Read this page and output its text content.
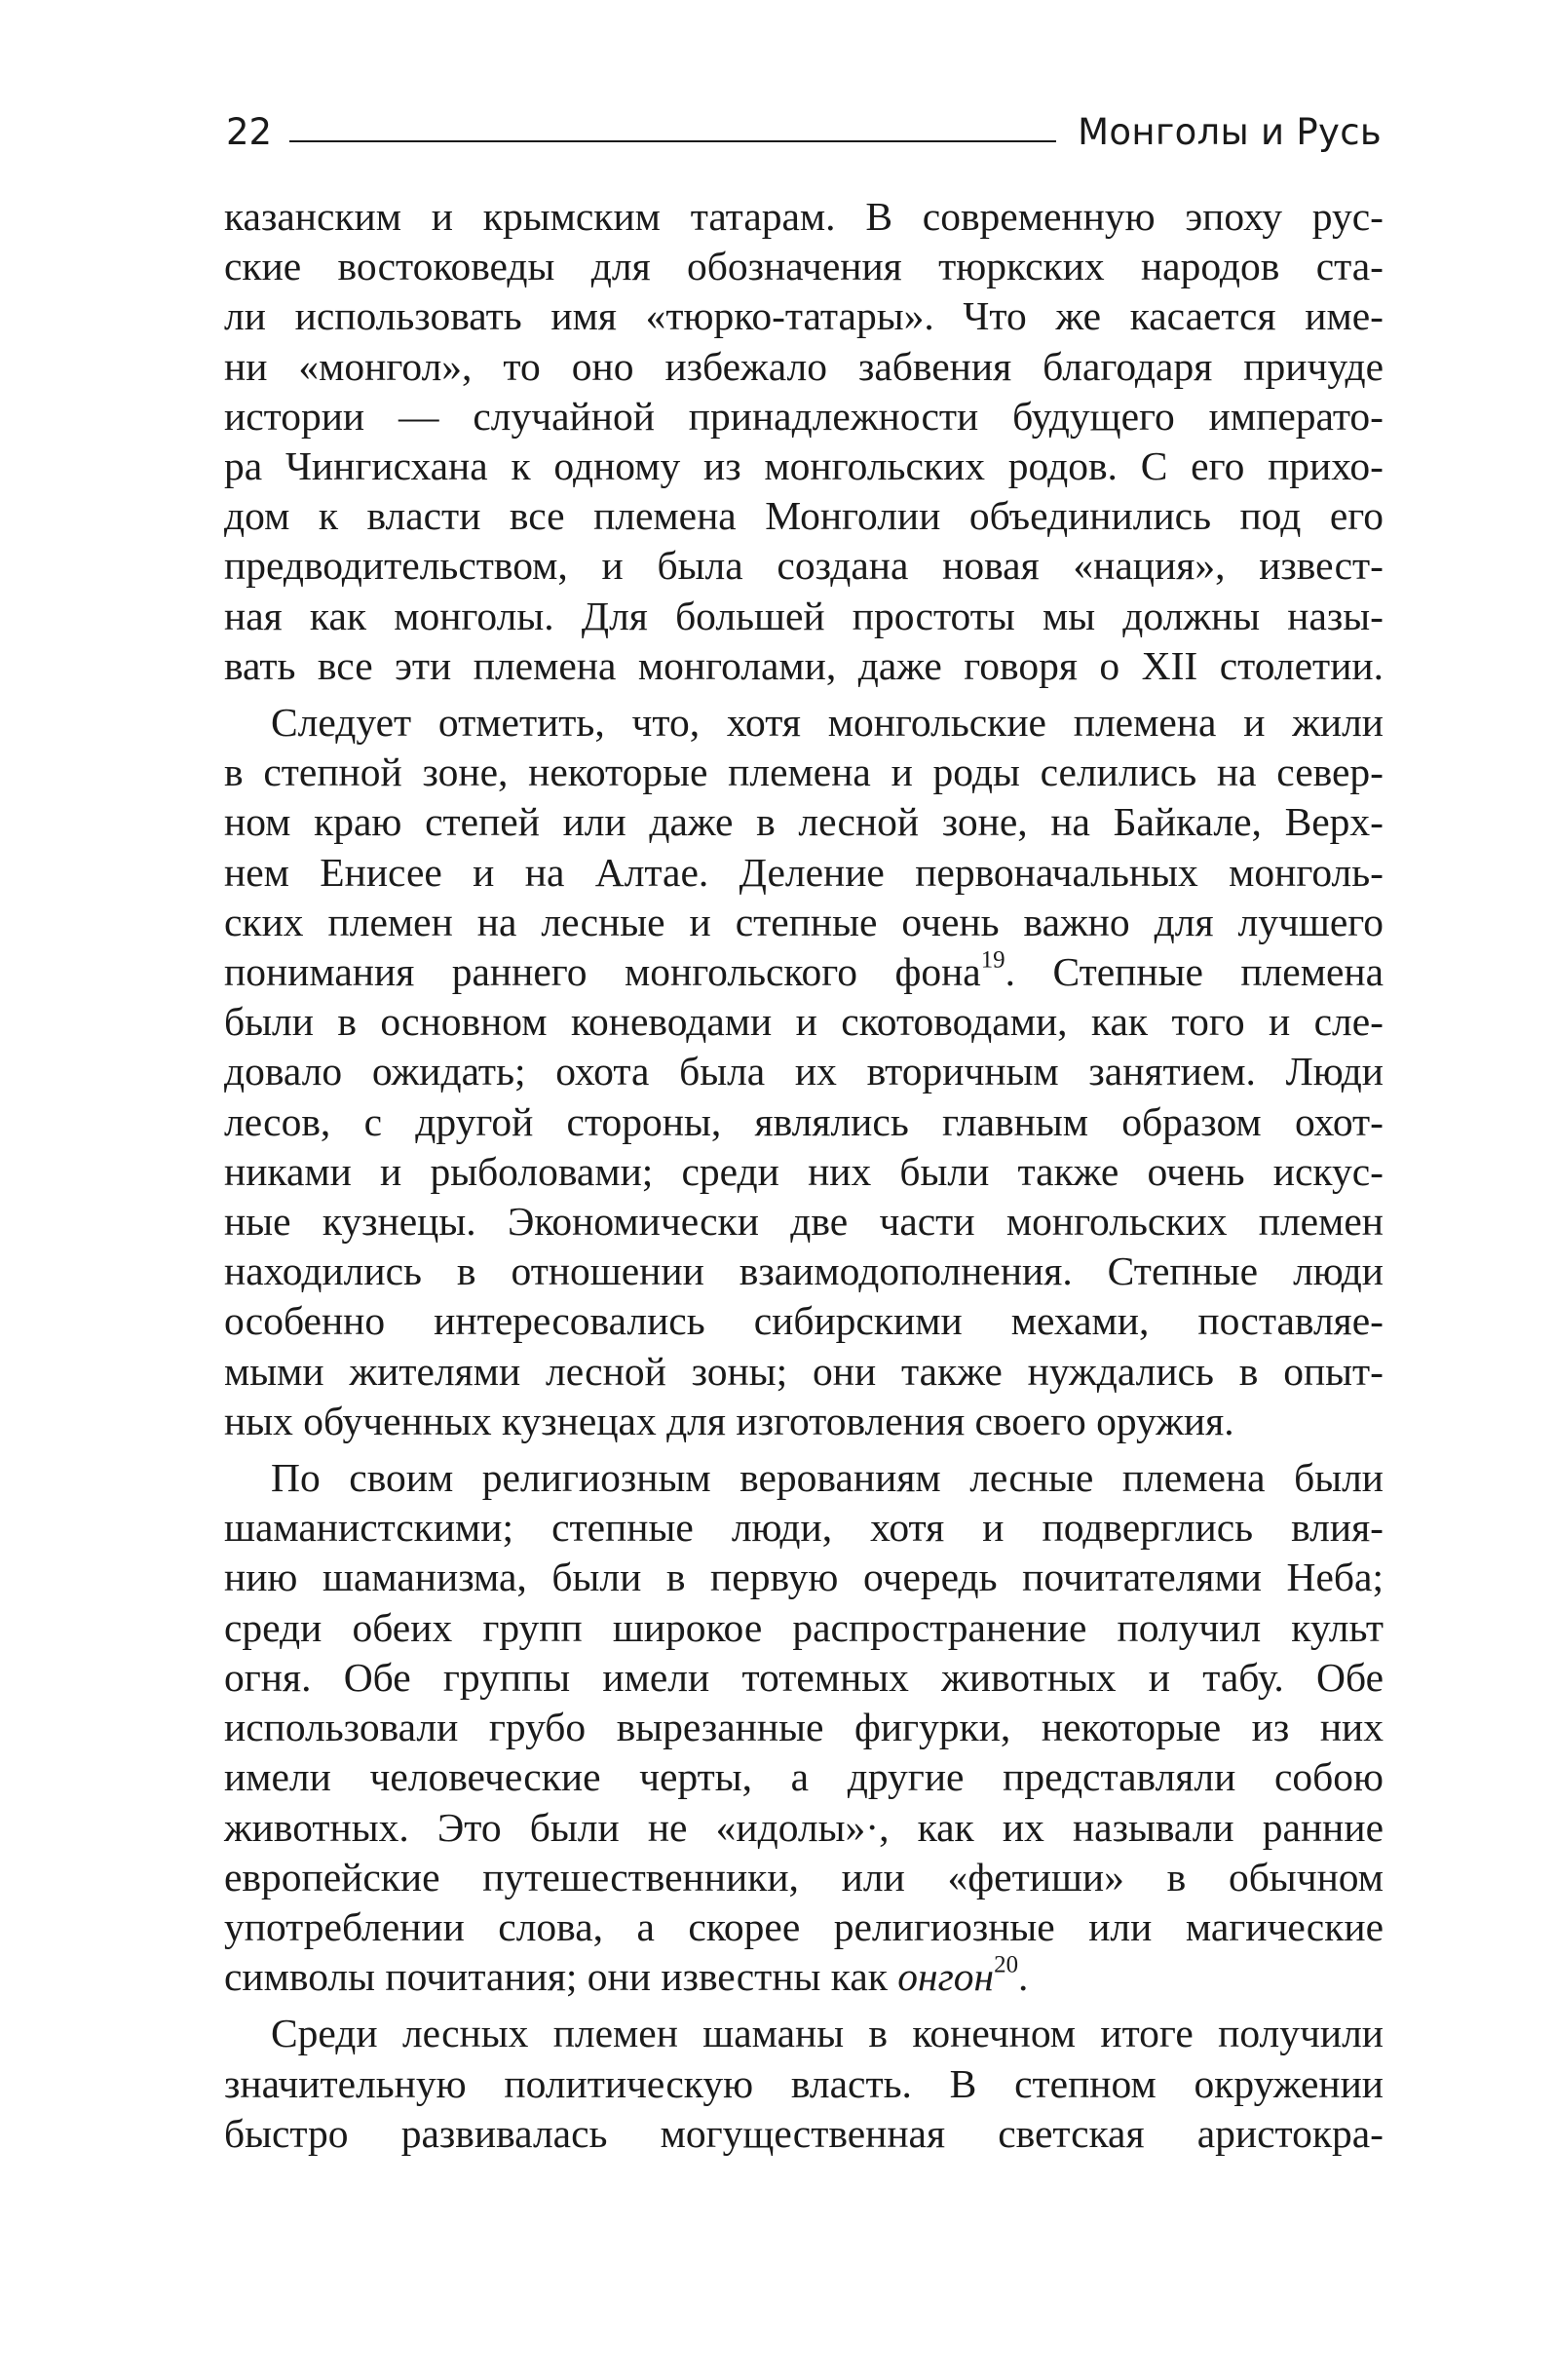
22	Монголы и Русь
казанским и крымским татарам. В современную эпоху рус-
ские востоковеды для обозначения тюркских народов ста-
ли использовать имя «тюрко-татары». Что же касается име-
ни «монгол», то оно избежало забвения благодаря причуде
истории — случайной принадлежности будущего императо-
ра Чингисхана к одному из монгольских родов. С его прихо-
дом к власти все племена Монголии объединились под его
предводительством, и была создана новая «нация», извест-
ная как монголы. Для большей простоты мы должны назы-
вать все эти племена монголами, даже говоря о XII столетии.
Следует отметить, что, хотя монгольские племена и жили
в степной зоне, некоторые племена и роды селились на север-
ном краю степей или даже в лесной зоне, на Байкале, Верх-
нем Енисее и на Алтае. Деление первоначальных монголь-
ских племен на лесные и степные очень важно для лучшего
понимания раннего монгольского фона$^{19}$. Степные племена
были в основном коневодами и скотоводами, как того и сле-
довало ожидать; охота была их вторичным занятием. Люди
лесов, с другой стороны, являлись главным образом охот-
никами и рыболовами; среди них были также очень искус-
ные кузнецы. Экономически две части монгольских племен
находились в отношении взаимодополнения. Степные люди
особенно интересовались сибирскими мехами, поставляе-
мыми жителями лесной зоны; они также нуждались в опыт-
ных обученных кузнецах для изготовления своего оружия.
По своим религиозным верованиям лесные племена были
шаманистскими; степные люди, хотя и подверглись влия-
нию шаманизма, были в первую очередь почитателями Неба;
среди обеих групп широкое распространение получил культ
огня. Обе группы имели тотемных животных и табу. Обе
использовали грубо вырезанные фигурки, некоторые из них
имели человеческие черты, а другие представляли собою
животных. Это были не «идолы»·, как их называли ранние
европейские путешественники, или «фетиши» в обычном
употреблении слова, а скорее религиозные или магические
символы почитания; они известны как онгон$^{20}$.
Среди лесных племен шаманы в конечном итоге получили
значительную политическую власть. В степном окружении
быстро развивалась могущественная светская аристокра-
